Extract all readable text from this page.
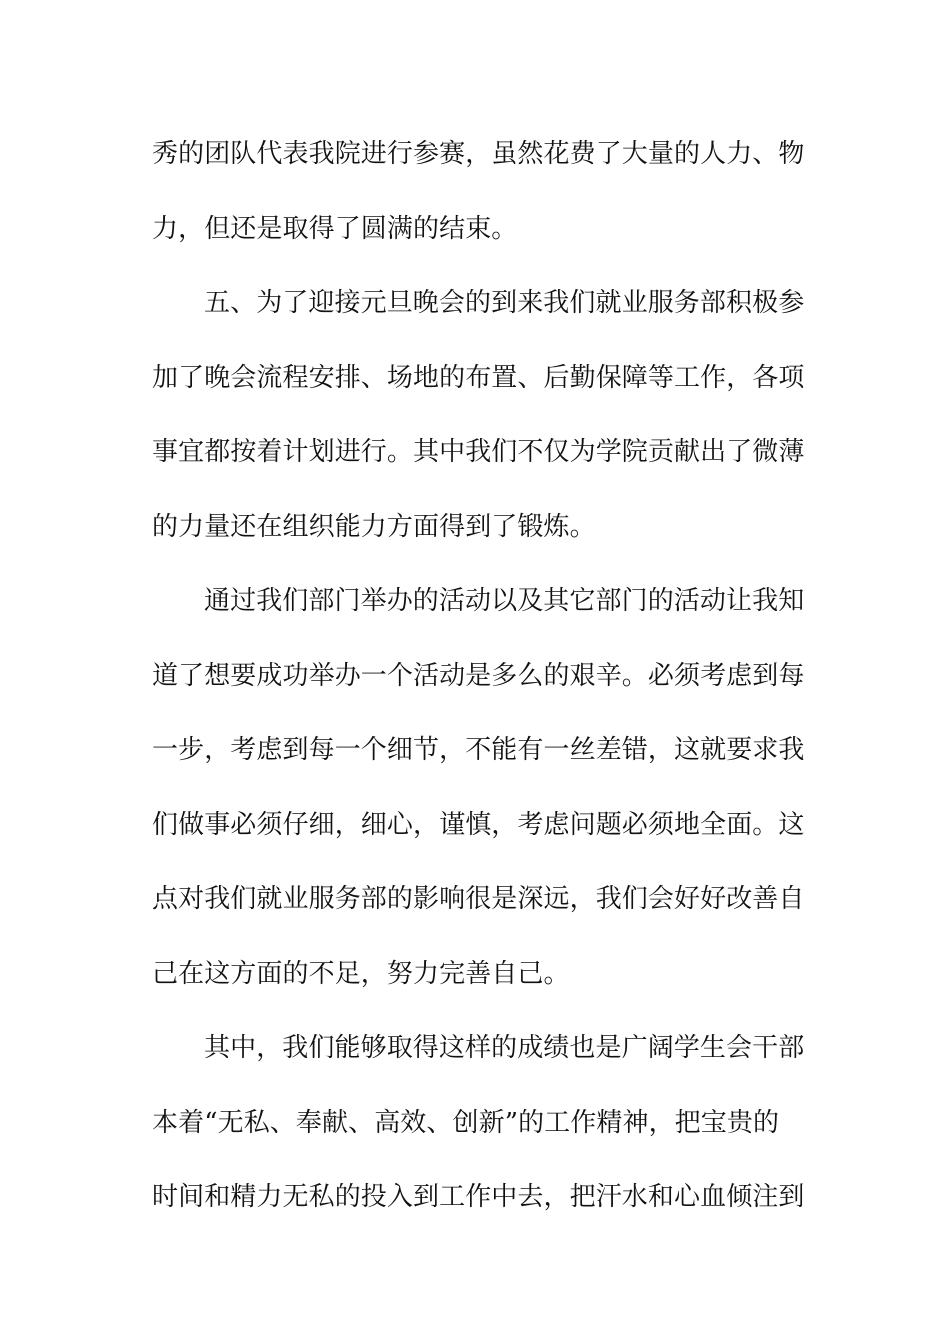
秀的团队代表我院进行参赛，虽然花费了大量的人力、物
力，但还是取得了圆满的结束。
五、为了迎接元旦晚会的到来我们就业服务部积极参
加了晚会流程安排、场地的布置、后勤保障等工作，各项
事宜都按着计划进行。其中我们不仅为学院贡献出了微薄
的力量还在组织能力方面得到了锻炼。
通过我们部门举办的活动以及其它部门的活动让我知
道了想要成功举办一个活动是多么的艰辛。必须考虑到每
一步，考虑到每一个细节，不能有一丝差错，这就要求我
们做事必须仔细，细心，谨慎，考虑问题必须地全面。这
点对我们就业服务部的影响很是深远，我们会好好改善自
己在这方面的不足，努力完善自己。
其中，我们能够取得这样的成绩也是广阔学生会干部
本着“无私、奉献、高效、创新”的工作精神，把宝贵的
时间和精力无私的投入到工作中去，把汗水和心血倾注到
